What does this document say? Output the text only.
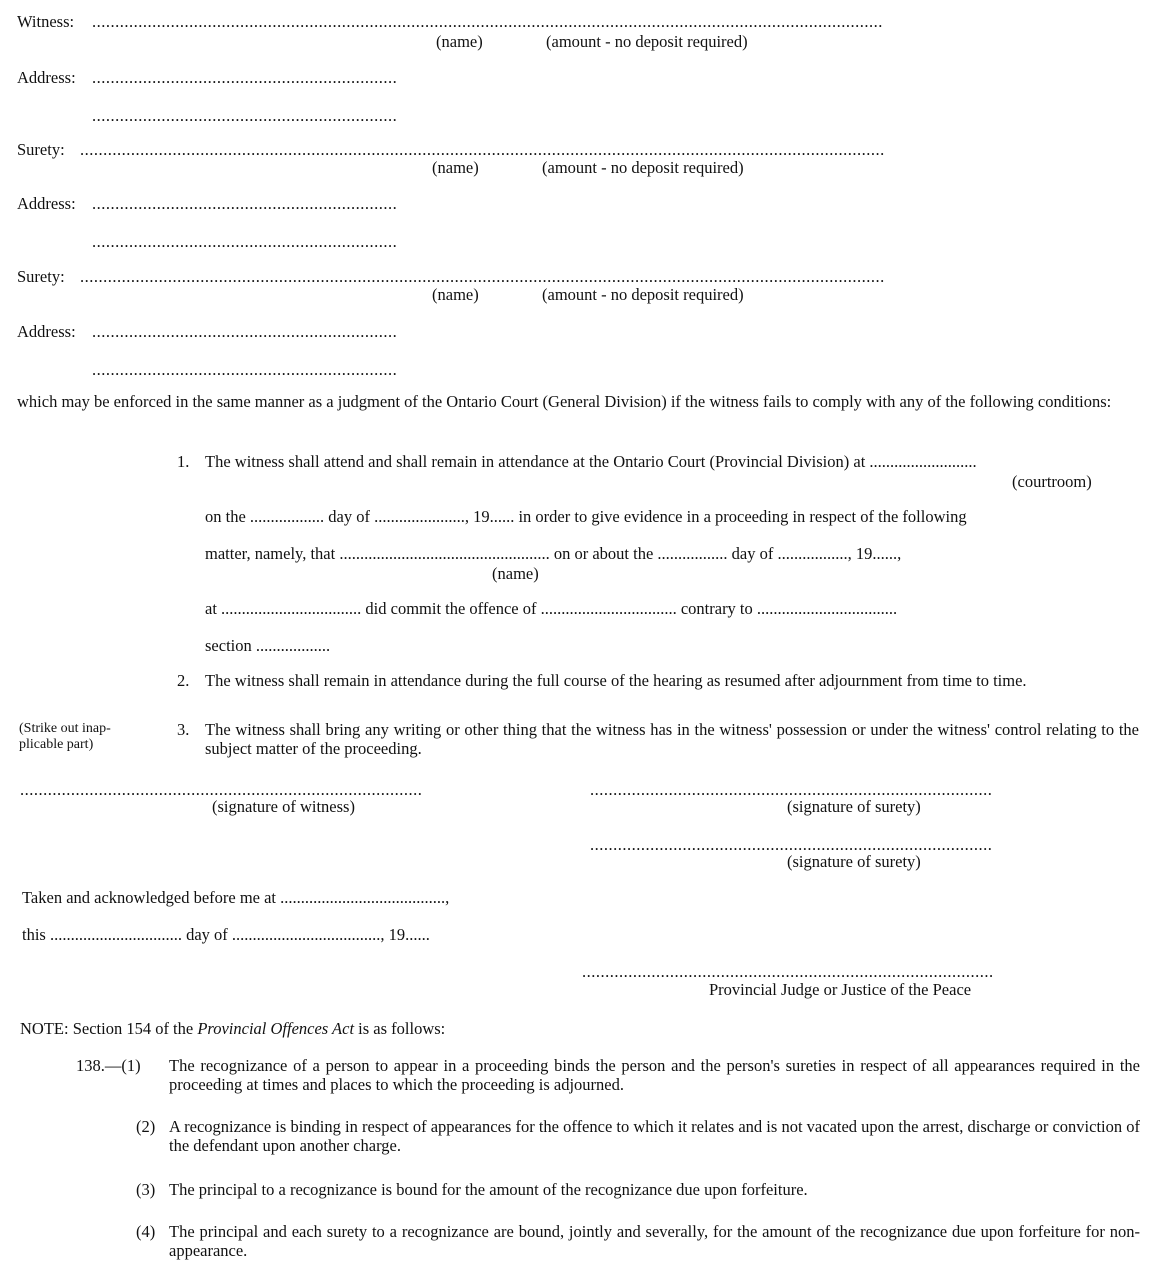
Witness: ...........................................................................................................................................................................
(name)	(amount - no deposit required)
Address: ..................................................................
..................................................................
Surety: ..............................................................................................................................................................................
(name)	(amount - no deposit required)
Address: ..................................................................
..................................................................
Surety: ..............................................................................................................................................................................
(name)	(amount - no deposit required)
Address: ..................................................................
..................................................................
which may be enforced in the same manner as a judgment of the Ontario Court (General Division) if the witness fails to comply with any of the following conditions:
1. The witness shall attend and shall remain in attendance at the Ontario Court (Provincial Division) at ..........................
(courtroom)
on the .................. day of ......................, 19...... in order to give evidence in a proceeding in respect of the following
matter, namely, that ................................................... on or about the ................. day of ................., 19......,
(name)
at .................................. did commit the offence of ................................. contrary to ..................................
section ..................
2. The witness shall remain in attendance during the full course of the hearing as resumed after adjournment from time to time.
(Strike out inap-
plicable part)
3. The witness shall bring any writing or other thing that the witness has in the witness' possession or under the witness' control relating to the subject matter of the proceeding.
.......................................................................................
(signature of witness)
.......................................................................................
(signature of surety)
.......................................................................................
(signature of surety)
Taken and acknowledged before me at ........................................,
this ................................ day of ...................................., 19......
.........................................................................................
Provincial Judge or Justice of the Peace
NOTE: Section 154 of the Provincial Offences Act is as follows:
138.—(1) The recognizance of a person to appear in a proceeding binds the person and the person's sureties in respect of all appearances required in the proceeding at times and places to which the proceeding is adjourned.
(2) A recognizance is binding in respect of appearances for the offence to which it relates and is not vacated upon the arrest, discharge or conviction of the defendant upon another charge.
(3) The principal to a recognizance is bound for the amount of the recognizance due upon forfeiture.
(4) The principal and each surety to a recognizance are bound, jointly and severally, for the amount of the recognizance due upon forfeiture for non-appearance.
